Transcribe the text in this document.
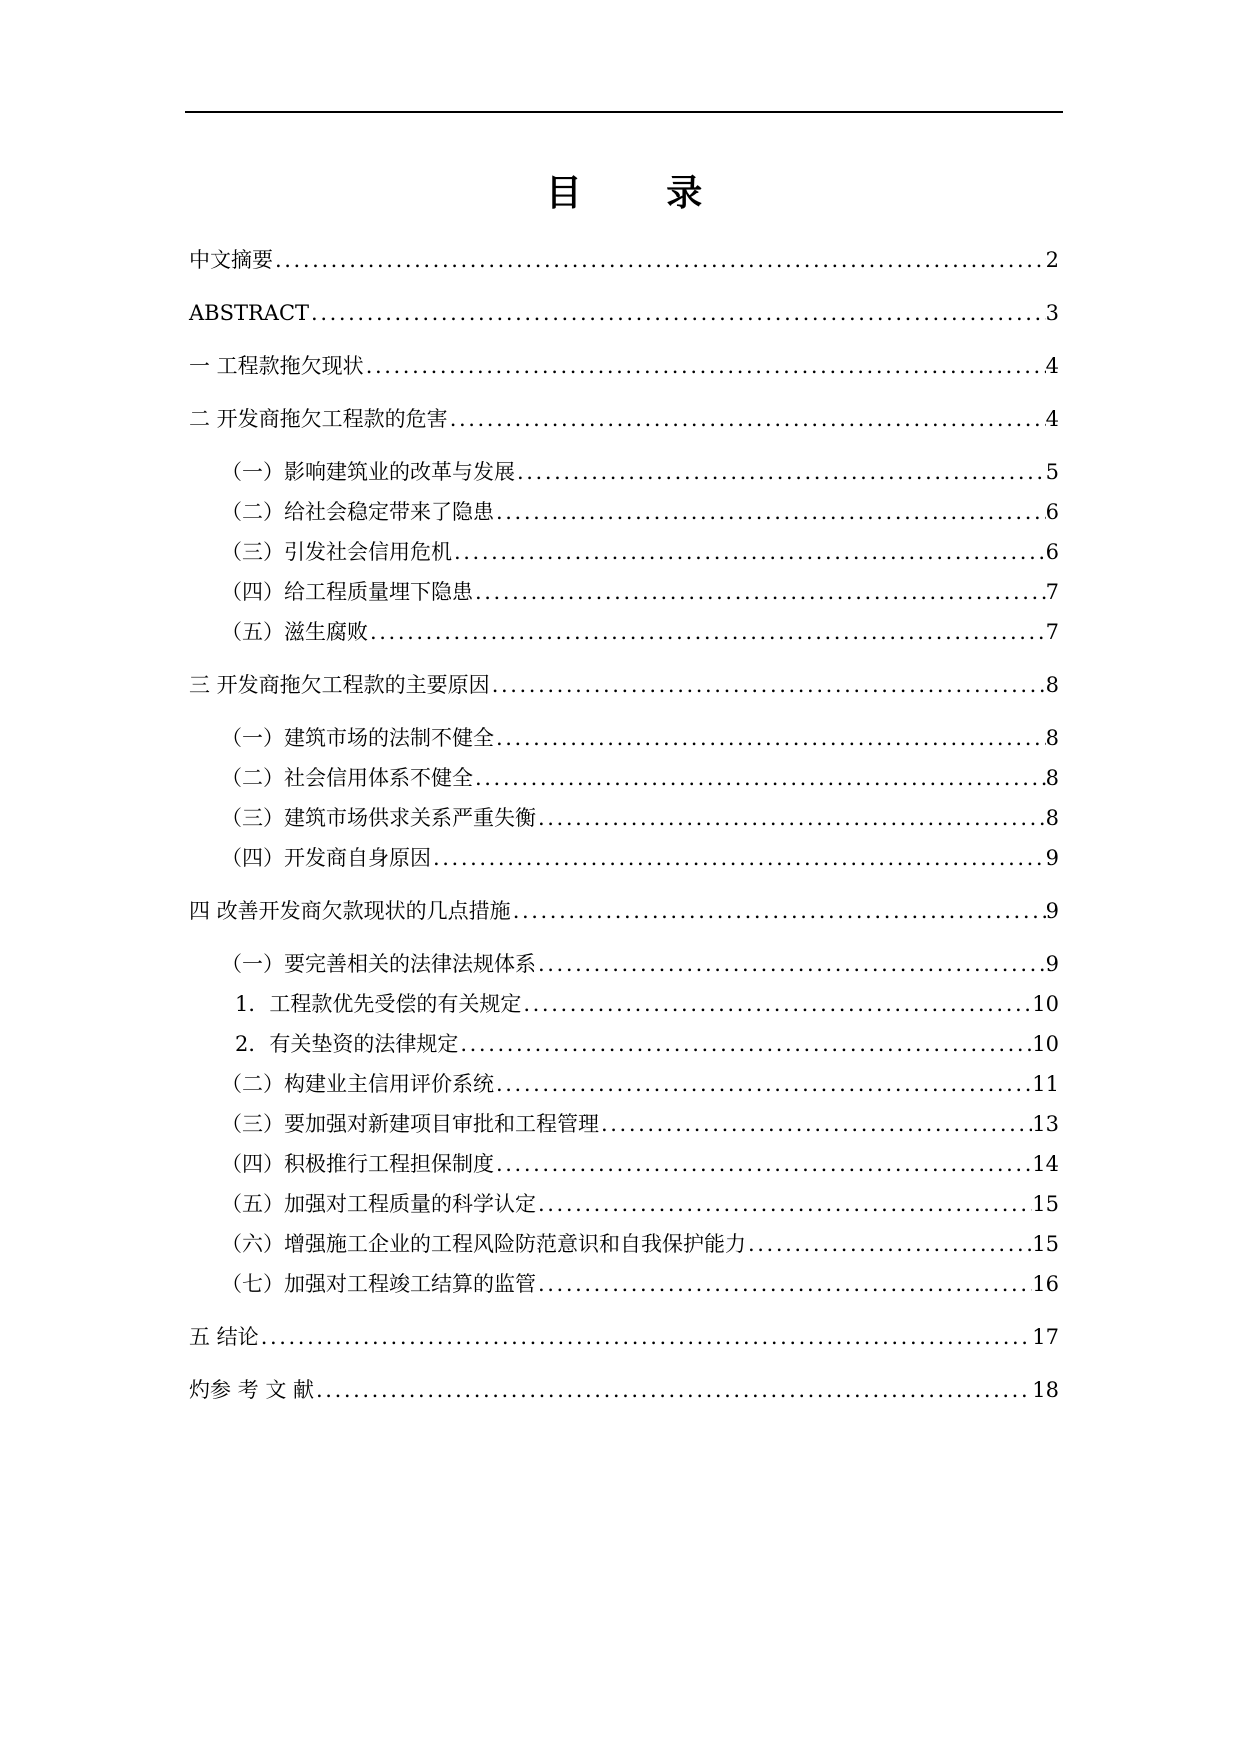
目 录
中文摘要 .....	2
ABSTRACT .....	3
一 工程款拖欠现状 .....	4
二 开发商拖欠工程款的危害 .....	4
（一）影响建筑业的改革与发展 .....	5
（二）给社会稳定带来了隐患 .....	6
（三）引发社会信用危机 .....	6
（四）给工程质量埋下隐患 .....	7
（五）滋生腐败 .....	7
三 开发商拖欠工程款的主要原因 .....	8
（一）建筑市场的法制不健全 .....	8
（二）社会信用体系不健全 .....	8
（三）建筑市场供求关系严重失衡 .....	8
（四）开发商自身原因 .....	9
四 改善开发商欠款现状的几点措施 .....	9
（一）要完善相关的法律法规体系 .....	9
1．工程款优先受偿的有关规定 .....	10
2．有关垫资的法律规定 .....	10
（二）构建业主信用评价系统 .....	11
（三）要加强对新建项目审批和工程管理 .....	13
（四）积极推行工程担保制度 .....	14
（五）加强对工程质量的科学认定 .....	15
（六）增强施工企业的工程风险防范意识和自我保护能力 .....	15
（七）加强对工程竣工结算的监管 .....	16
五 结论 .....	17
灼参 考 文 献 .....	18
